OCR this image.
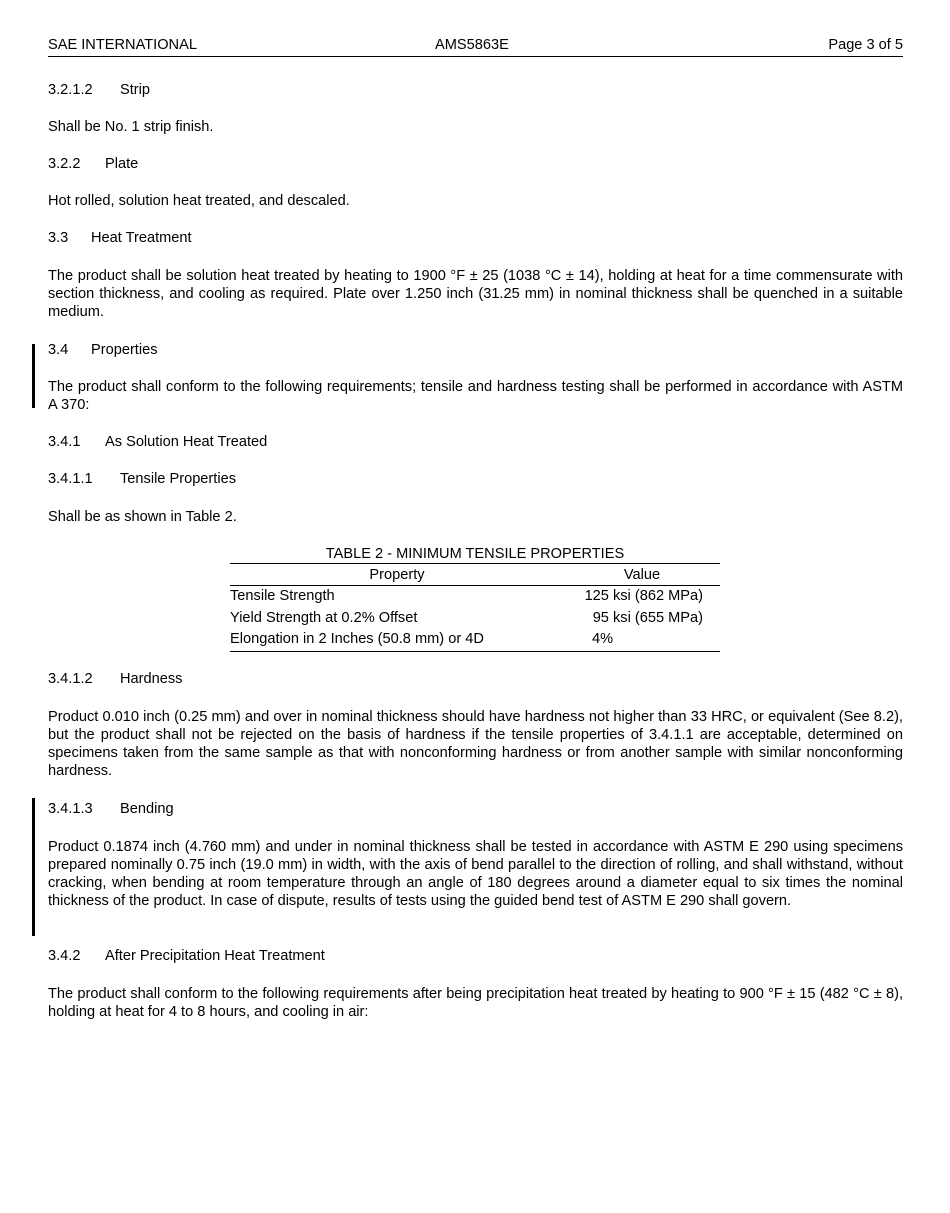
SAE INTERNATIONAL	AMS5863E	Page 3 of 5
3.2.1.2 Strip
Shall be No. 1 strip finish.
3.2.2 Plate
Hot rolled, solution heat treated, and descaled.
3.3 Heat Treatment
The product shall be solution heat treated by heating to 1900 °F ± 25 (1038 °C ± 14), holding at heat for a time commensurate with section thickness, and cooling as required. Plate over 1.250 inch (31.25 mm) in nominal thickness shall be quenched in a suitable medium.
3.4 Properties
The product shall conform to the following requirements; tensile and hardness testing shall be performed in accordance with ASTM A 370:
3.4.1 As Solution Heat Treated
3.4.1.1 Tensile Properties
Shall be as shown in Table 2.
TABLE 2 - MINIMUM TENSILE PROPERTIES
Property	Value
Tensile Strength	125 ksi (862 MPa)
Yield Strength at 0.2% Offset	95 ksi (655 MPa)
Elongation in 2 Inches (50.8 mm) or 4D	4%
3.4.1.2 Hardness
Product 0.010 inch (0.25 mm) and over in nominal thickness should have hardness not higher than 33 HRC, or equivalent (See 8.2), but the product shall not be rejected on the basis of hardness if the tensile properties of 3.4.1.1 are acceptable, determined on specimens taken from the same sample as that with nonconforming hardness or from another sample with similar nonconforming hardness.
3.4.1.3 Bending
Product 0.1874 inch (4.760 mm) and under in nominal thickness shall be tested in accordance with ASTM E 290 using specimens prepared nominally 0.75 inch (19.0 mm) in width, with the axis of bend parallel to the direction of rolling, and shall withstand, without cracking, when bending at room temperature through an angle of 180 degrees around a diameter equal to six times the nominal thickness of the product. In case of dispute, results of tests using the guided bend test of ASTM E 290 shall govern.
3.4.2 After Precipitation Heat Treatment
The product shall conform to the following requirements after being precipitation heat treated by heating to 900 °F ± 15 (482 °C ± 8), holding at heat for 4 to 8 hours, and cooling in air:
